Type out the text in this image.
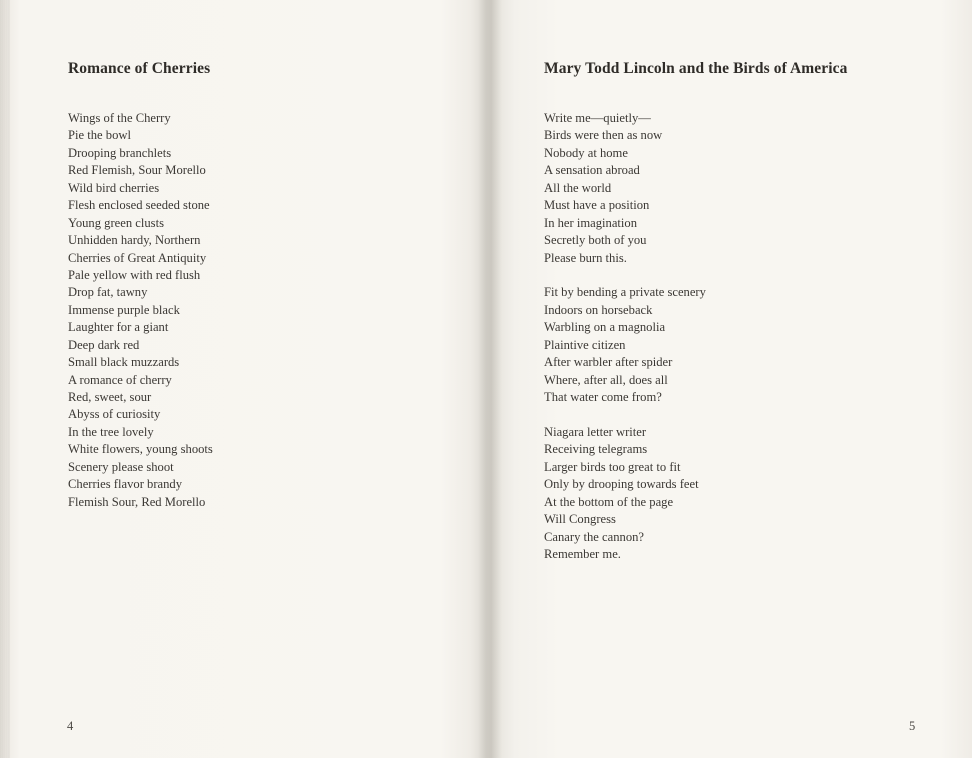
Romance of Cherries
Wings of the Cherry
Pie the bowl
Drooping branchlets
Red Flemish, Sour Morello
Wild bird cherries
Flesh enclosed seeded stone
Young green clusts
Unhidden hardy, Northern
Cherries of Great Antiquity
Pale yellow with red flush
Drop fat, tawny
Immense purple black
Laughter for a giant
Deep dark red
Small black muzzards
A romance of cherry
Red, sweet, sour
Abyss of curiosity
In the tree lovely
White flowers, young shoots
Scenery please shoot
Cherries flavor brandy
Flemish Sour, Red Morello
4
Mary Todd Lincoln and the Birds of America
Write me—quietly—
Birds were then as now
Nobody at home
A sensation abroad
All the world
Must have a position
In her imagination
Secretly both of you
Please burn this.
Fit by bending a private scenery
Indoors on horseback
Warbling on a magnolia
Plaintive citizen
After warbler after spider
Where, after all, does all
That water come from?
Niagara letter writer
Receiving telegrams
Larger birds too great to fit
Only by drooping towards feet
At the bottom of the page
Will Congress
Canary the cannon?
Remember me.
5
